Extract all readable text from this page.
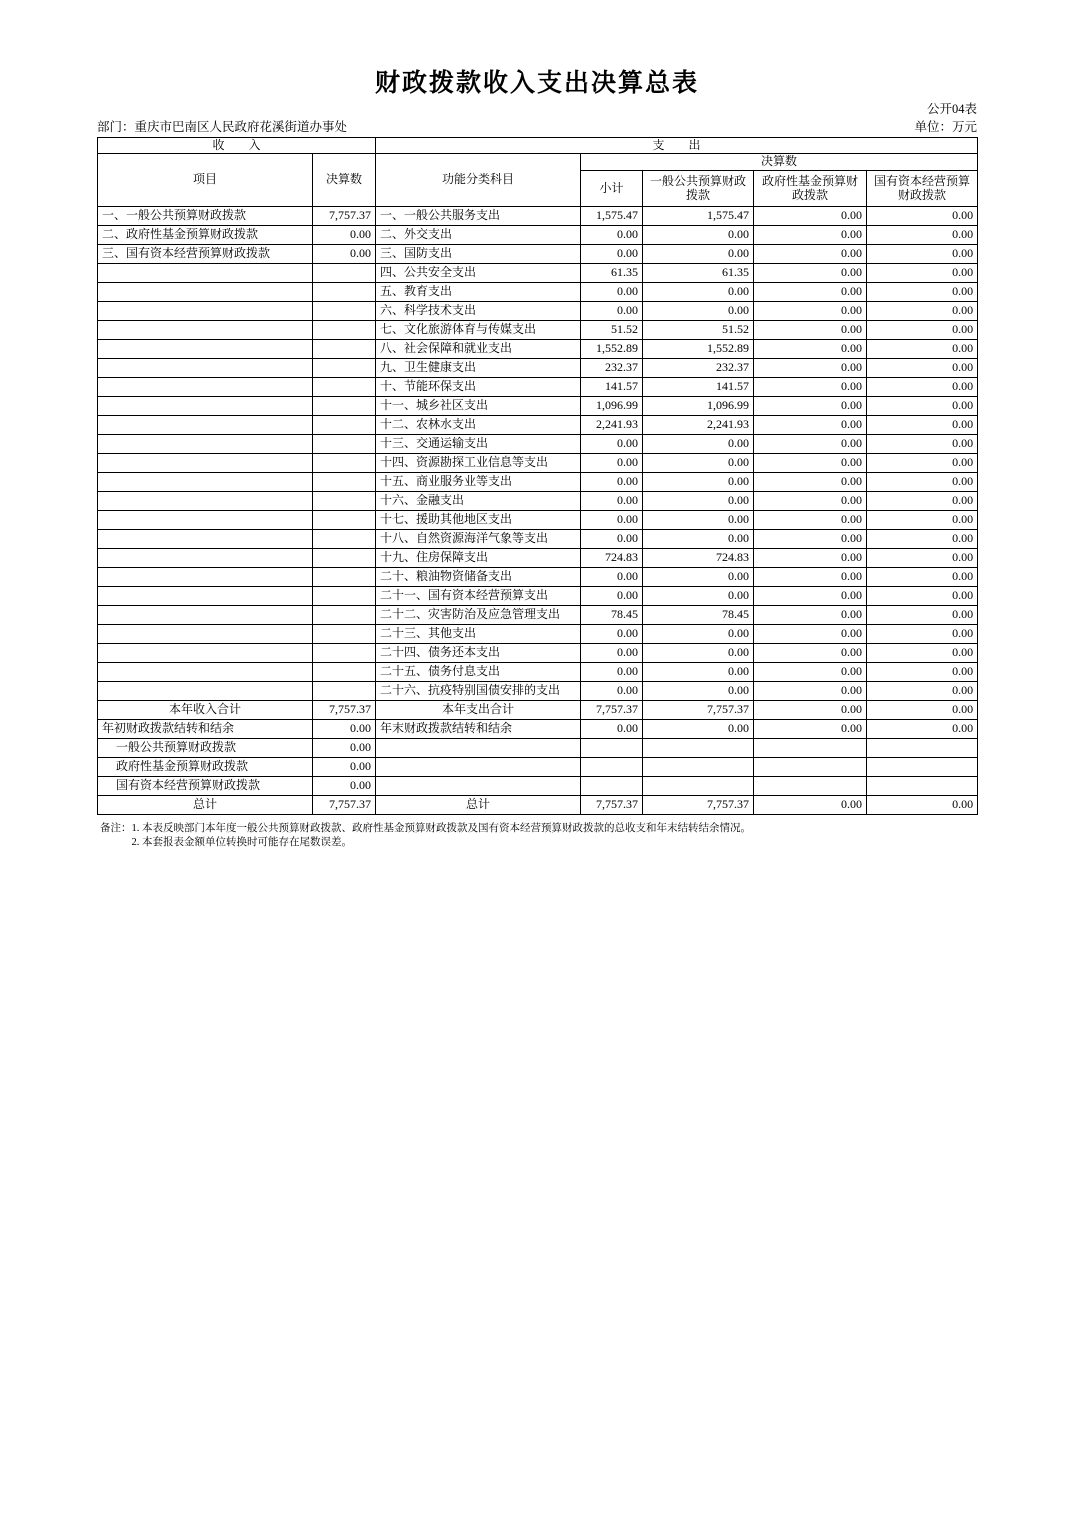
财政拨款收入支出决算总表
公开04表
部门：重庆市巴南区人民政府花溪街道办事处	单位：万元
收　　入		支　　出				
项目	决算数	功能分类科目	决算数			
			小计	一般公共预算财政拨款	政府性基金预算财政拨款	国有资本经营预算财政拨款
一、一般公共预算财政拨款	7,757.37	一、一般公共服务支出	1,575.47	1,575.47	0.00	0.00
二、政府性基金预算财政拨款	0.00	二、外交支出	0.00	0.00	0.00	0.00
三、国有资本经营预算财政拨款	0.00	三、国防支出	0.00	0.00	0.00	0.00
		四、公共安全支出	61.35	61.35	0.00	0.00
		五、教育支出	0.00	0.00	0.00	0.00
		六、科学技术支出	0.00	0.00	0.00	0.00
		七、文化旅游体育与传媒支出	51.52	51.52	0.00	0.00
		八、社会保障和就业支出	1,552.89	1,552.89	0.00	0.00
		九、卫生健康支出	232.37	232.37	0.00	0.00
		十、节能环保支出	141.57	141.57	0.00	0.00
		十一、城乡社区支出	1,096.99	1,096.99	0.00	0.00
		十二、农林水支出	2,241.93	2,241.93	0.00	0.00
		十三、交通运输支出	0.00	0.00	0.00	0.00
		十四、资源勘探工业信息等支出	0.00	0.00	0.00	0.00
		十五、商业服务业等支出	0.00	0.00	0.00	0.00
		十六、金融支出	0.00	0.00	0.00	0.00
		十七、援助其他地区支出	0.00	0.00	0.00	0.00
		十八、自然资源海洋气象等支出	0.00	0.00	0.00	0.00
		十九、住房保障支出	724.83	724.83	0.00	0.00
		二十、粮油物资储备支出	0.00	0.00	0.00	0.00
		二十一、国有资本经营预算支出	0.00	0.00	0.00	0.00
		二十二、灾害防治及应急管理支出	78.45	78.45	0.00	0.00
		二十三、其他支出	0.00	0.00	0.00	0.00
		二十四、债务还本支出	0.00	0.00	0.00	0.00
		二十五、债务付息支出	0.00	0.00	0.00	0.00
		二十六、抗疫特别国债安排的支出	0.00	0.00	0.00	0.00
本年收入合计	7,757.37	本年支出合计	7,757.37	7,757.37	0.00	0.00
年初财政拨款结转和结余	0.00	年末财政拨款结转和结余	0.00	0.00	0.00	0.00
一般公共预算财政拨款	0.00					
政府性基金预算财政拨款	0.00					
国有资本经营预算财政拨款	0.00					
总计	7,757.37	总计	7,757.37	7,757.37	0.00	0.00
备注： 1. 本表反映部门本年度一般公共预算财政拨款、政府性基金预算财政拨款及国有资本经营预算财政拨款的总收支和年末结转结余情况。
2. 本套报表金额单位转换时可能存在尾数误差。
